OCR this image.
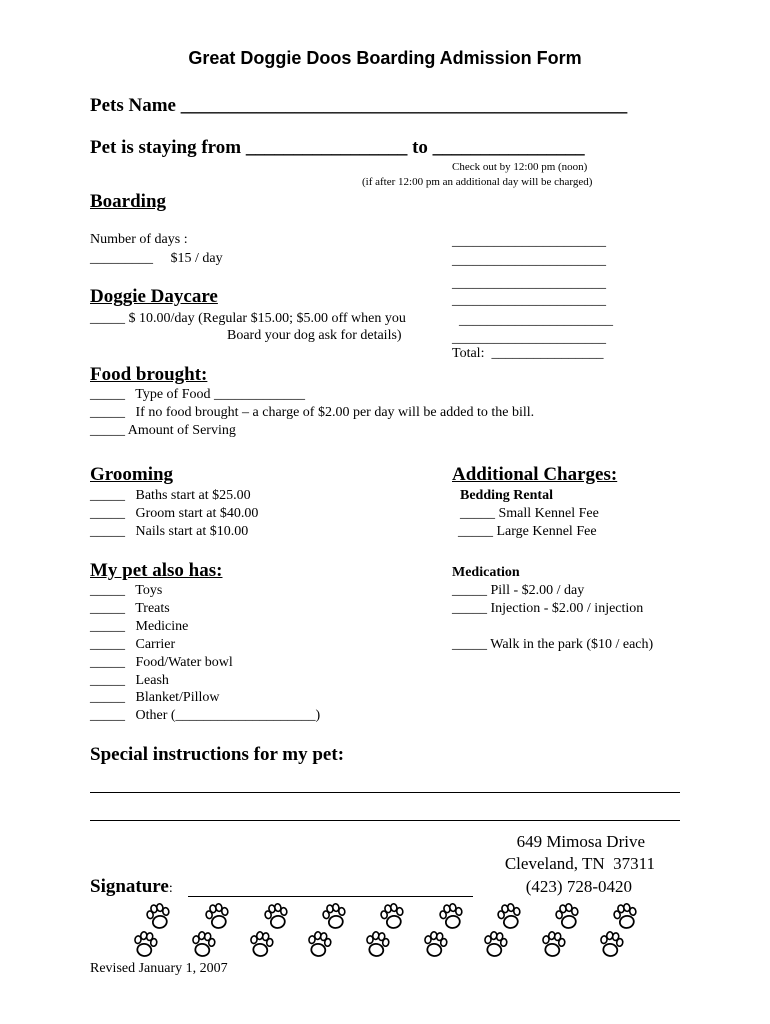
Great Doggie Doos Boarding Admission Form
Pets Name _______________________________________________
Pet is staying from _________________ to ________________
Check out by 12:00 pm (noon)
(if after 12:00 pm an additional day will be charged)
Boarding
Number of days :
_________     $15 / day
______________________
______________________
______________________
______________________
______________________
______________________
Total:  ________________
Doggie Daycare
_____ $ 10.00/day (Regular $15.00; $5.00 off when you
Board your dog ask for details)
Food brought:
_____   Type of Food _____________
_____   If no food brought – a charge of $2.00 per day will be added to the bill.
_____ Amount of Serving
Grooming
_____   Baths start at $25.00
_____   Groom start at $40.00
_____   Nails start at $10.00
Additional Charges:
Bedding Rental
_____ Small Kennel Fee
_____ Large Kennel Fee
Medication
_____ Pill - $2.00 / day
_____ Injection - $2.00 / injection
_____ Walk in the park ($10 / each)
My pet also has:
_____   Toys
_____   Treats
_____   Medicine
_____   Carrier
_____   Food/Water bowl
_____   Leash
_____   Blanket/Pillow
_____   Other (____________________)
Special instructions for my pet:
649 Mimosa Drive
Cleveland, TN  37311
(423) 728-0420
Signature:
Revised January 1, 2007
